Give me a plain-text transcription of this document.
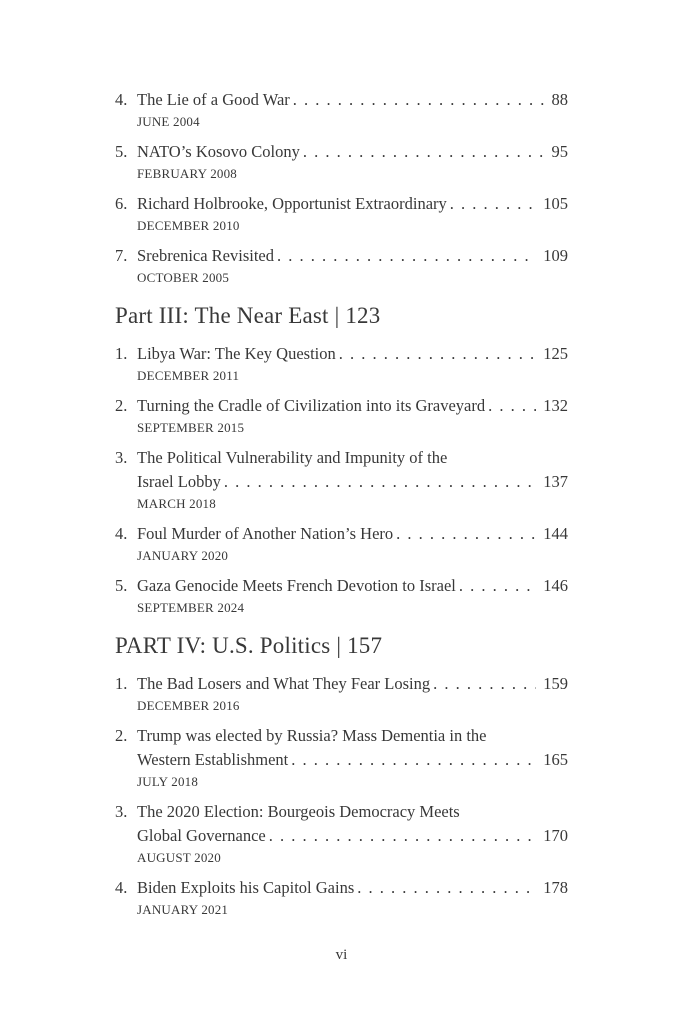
4. The Lie of a Good War . . .	88
JUNE 2004
5. NATO’s Kosovo Colony . . .	95
FEBRUARY 2008
6. Richard Holbrooke, Opportunist Extraordinary . . .	105
DECEMBER 2010
7. Srebrenica Revisited . . .	109
OCTOBER 2005
Part III: The Near East | 123
1. Libya War: The Key Question . . .	125
DECEMBER 2011
2. Turning the Cradle of Civilization into its Graveyard . . .	132
SEPTEMBER 2015
3. The Political Vulnerability and Impunity of the
Israel Lobby . . .	137
MARCH 2018
4. Foul Murder of Another Nation’s Hero . . .	144
JANUARY 2020
5. Gaza Genocide Meets French Devotion to Israel . . .	146
SEPTEMBER 2024
PART IV: U.S. Politics | 157
1. The Bad Losers and What They Fear Losing . . .	159
DECEMBER 2016
2. Trump was elected by Russia? Mass Dementia in the
Western Establishment . . .	165
JULY 2018
3. The 2020 Election: Bourgeois Democracy Meets
Global Governance . . .	170
AUGUST 2020
4. Biden Exploits his Capitol Gains . . .	178
JANUARY 2021
vi
